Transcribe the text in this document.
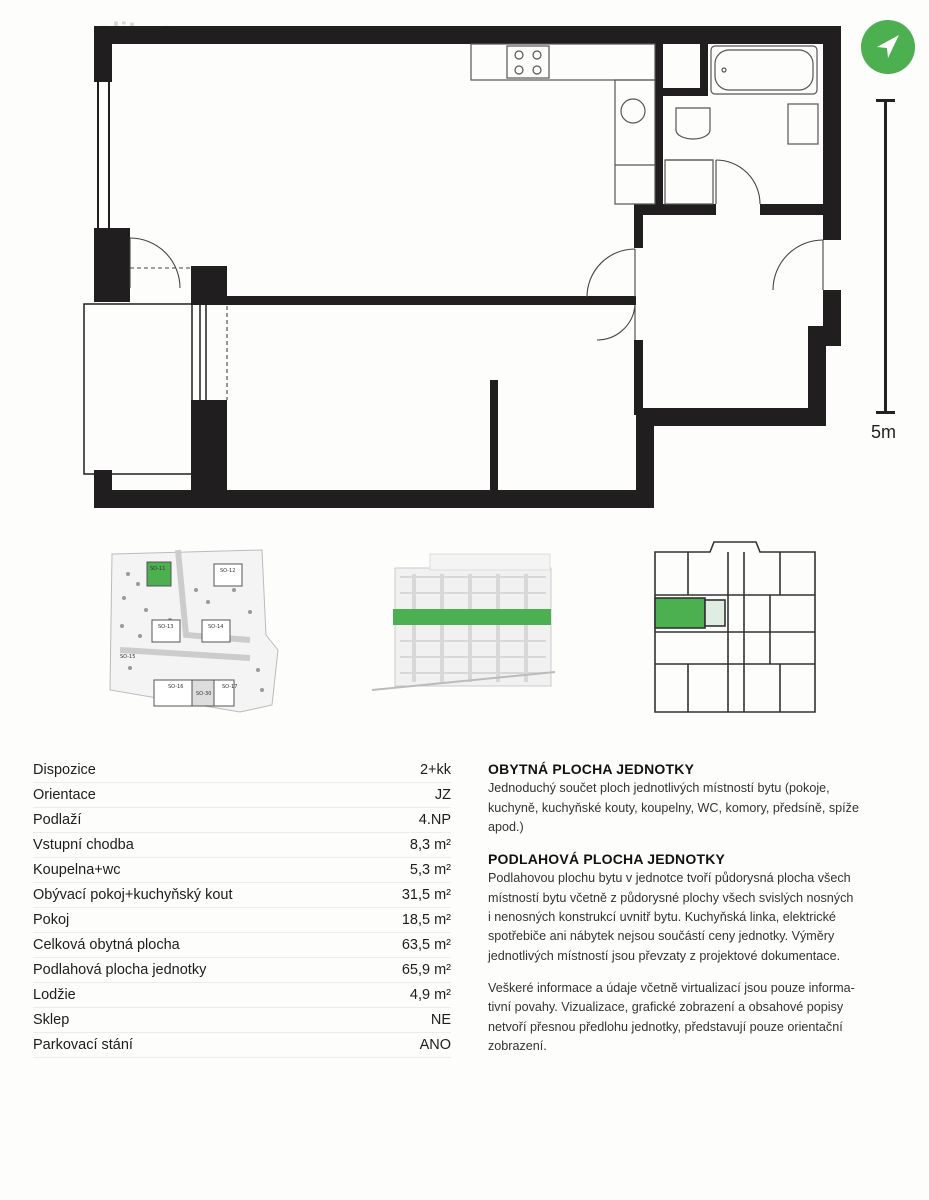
5m
SO-11	SO-12
SO-13	SO-14
SO-15
SO-16
SO-30
SO-17
Dispozice	2+kk
Orientace	JZ
Podlaží	4.NP
Vstupní chodba	8,3 m²
Koupelna+wc	5,3 m²
Obývací pokoj+kuchyňský kout	31,5 m²
Pokoj	18,5 m²
Celková obytná plocha	63,5 m²
Podlahová plocha jednotky	65,9 m²
Lodžie	4,9 m²
Sklep	NE
Parkovací stání	ANO
OBYTNÁ PLOCHA JEDNOTKY

Jednoduchý součet ploch jednotlivých místností bytu (pokoje,

kuchyně, kuchyňské kouty, koupelny, WC, komory, předsíně, spíže

apod.)

PODLAHOVÁ PLOCHA JEDNOTKY

Podlahovou plochu bytu v jednotce tvoří půdorysná plocha všech

místností bytu včetně z půdorysné plochy všech svislých nosných

i nenosných konstrukcí uvnitř bytu. Kuchyňská linka, elektrické

spotřebiče ani nábytek nejsou součástí ceny jednotky. Výměry

jednotlivých místností jsou převzaty z projektové dokumentace.

Veškeré informace a údaje včetně virtualizací jsou pouze informa-

tivní povahy. Vizualizace, grafické zobrazení a obsahové popisy

netvoří přesnou předlohu jednotky, představují pouze orientační

zobrazení.
